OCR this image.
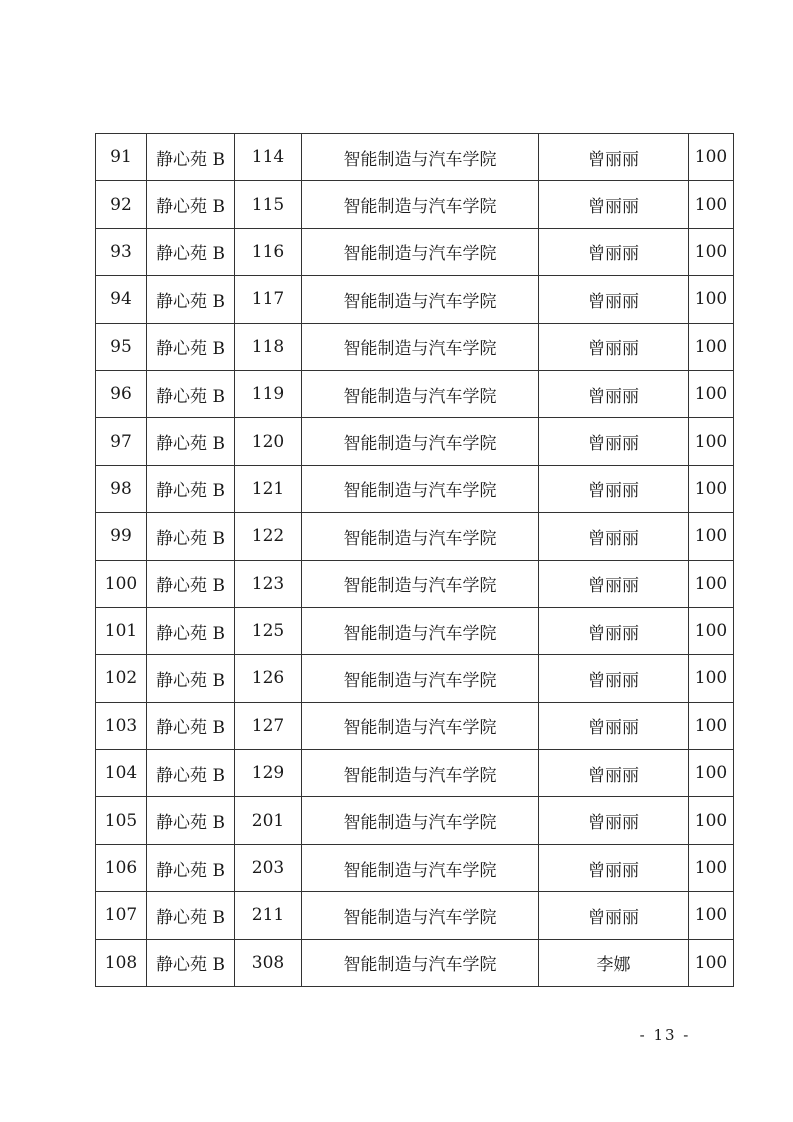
91	静心苑 B	114	智能制造与汽车学院	曾丽丽	100
92	静心苑 B	115	智能制造与汽车学院	曾丽丽	100
93	静心苑 B	116	智能制造与汽车学院	曾丽丽	100
94	静心苑 B	117	智能制造与汽车学院	曾丽丽	100
95	静心苑 B	118	智能制造与汽车学院	曾丽丽	100
96	静心苑 B	119	智能制造与汽车学院	曾丽丽	100
97	静心苑 B	120	智能制造与汽车学院	曾丽丽	100
98	静心苑 B	121	智能制造与汽车学院	曾丽丽	100
99	静心苑 B	122	智能制造与汽车学院	曾丽丽	100
100	静心苑 B	123	智能制造与汽车学院	曾丽丽	100
101	静心苑 B	125	智能制造与汽车学院	曾丽丽	100
102	静心苑 B	126	智能制造与汽车学院	曾丽丽	100
103	静心苑 B	127	智能制造与汽车学院	曾丽丽	100
104	静心苑 B	129	智能制造与汽车学院	曾丽丽	100
105	静心苑 B	201	智能制造与汽车学院	曾丽丽	100
106	静心苑 B	203	智能制造与汽车学院	曾丽丽	100
107	静心苑 B	211	智能制造与汽车学院	曾丽丽	100
108	静心苑 B	308	智能制造与汽车学院	李娜	100
- 13 -
